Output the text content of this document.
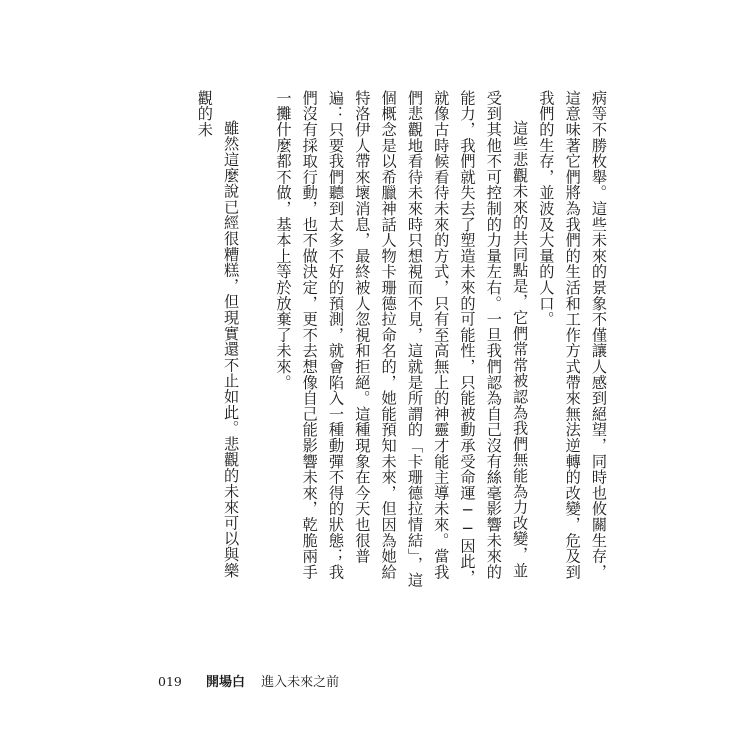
病等不勝枚舉。這些未來的景象不僅讓人感到絕望，同時也攸關生存，這意味著它們將為我們的生活和工作方式帶來無法逆轉的改變，危及到我們的生存，並波及大量的人口。

這些悲觀未來的共同點是，它們常常被認為我們無能為力改變，並受到其他不可控制的力量左右。一旦我們認為自己沒有絲毫影響未來的能力，我們就失去了塑造未來的可能性，只能被動承受命運──因此，就像古時候看待未來的方式，只有至高無上的神靈才能主導未來。當我們悲觀地看待未來時只想視而不見，這就是所謂的「卡珊德拉情結」，這個概念是以希臘神話人物卡珊德拉命名的，她能預知未來，但因為她給特洛伊人帶來壞消息，最終被人忽視和拒絕。這種現象在今天也很普遍：只要我們聽到太多不好的預測，就會陷入一種動彈不得的狀態；我們沒有採取行動，也不做決定，更不去想像自己能影響未來，乾脆兩手一攤什麼都不做，基本上等於放棄了未來。

雖然這麼說已經很糟糕，但現實還不止如此。悲觀的未來可以與樂觀的未

019 開場白 進入未來之前
